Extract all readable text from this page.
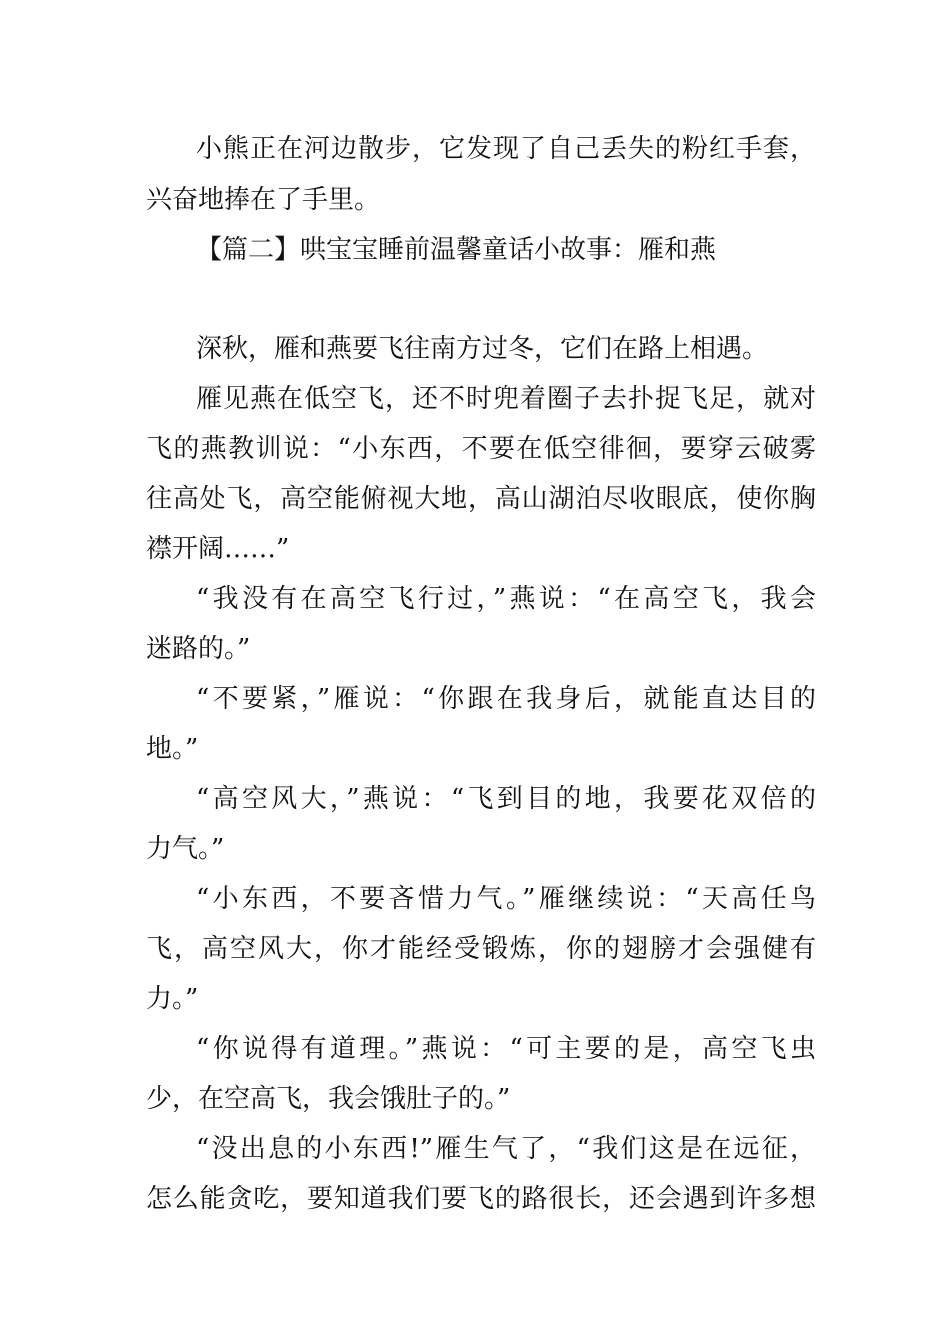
小熊正在河边散步，它发现了自己丢失的粉红手套，
兴奋地捧在了手里。
【篇二】哄宝宝睡前温馨童话小故事：雁和燕
深秋，雁和燕要飞往南方过冬，它们在路上相遇。
雁见燕在低空飞，还不时兜着圈子去扑捉飞足，就对
飞的燕教训说：“小东西，不要在低空徘徊，要穿云破雾
往高处飞，高空能俯视大地，高山湖泊尽收眼底，使你胸
襟开阔……”
“我没有在高空飞行过，”燕说：“在高空飞，我会
迷路的。”
“不要紧，”雁说：“你跟在我身后，就能直达目的
地。”
“高空风大，”燕说：“飞到目的地，我要花双倍的
力气。”
“小东西，不要吝惜力气。”雁继续说：“天高任鸟
飞，高空风大，你才能经受锻炼，你的翅膀才会强健有
力。”
“你说得有道理。”燕说：“可主要的是，高空飞虫
少，在空高飞，我会饿肚子的。”
“没出息的小东西!”雁生气了，“我们这是在远征，
怎么能贪吃，要知道我们要飞的路很长，还会遇到许多想
